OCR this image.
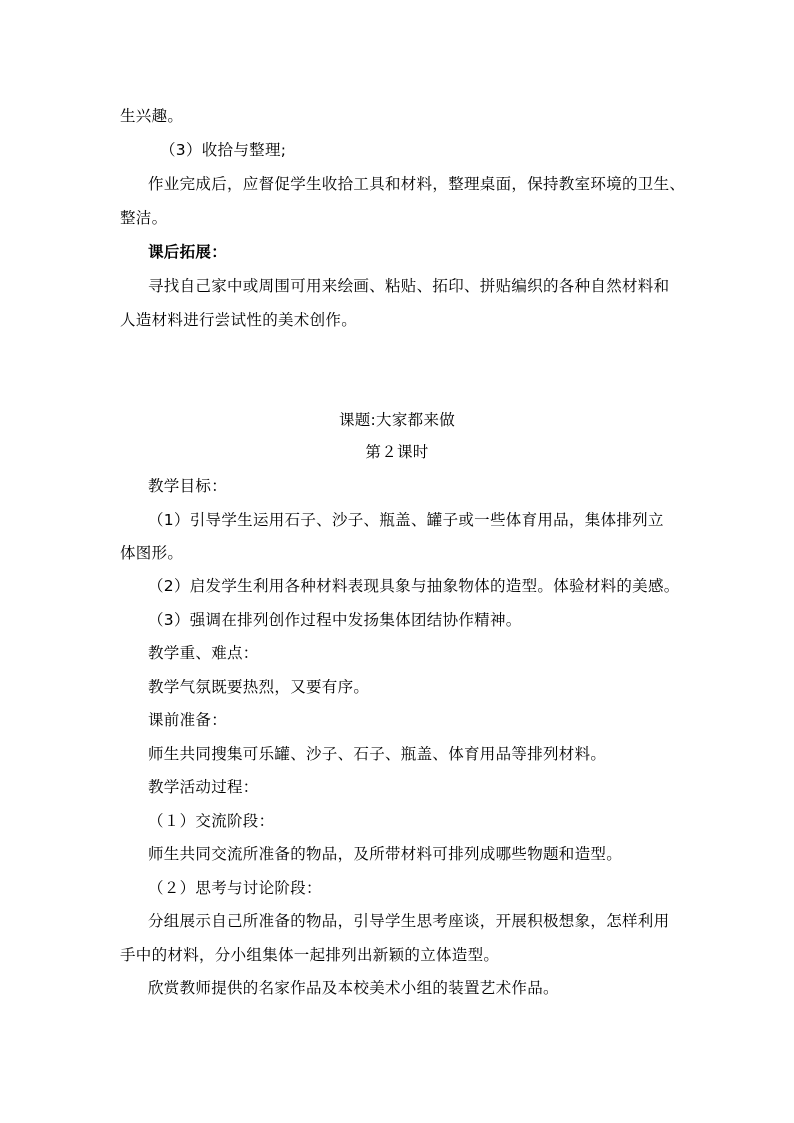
生兴趣。
（3）收拾与整理;
作业完成后，应督促学生收拾工具和材料，整理桌面，保持教室环境的卫生、
整洁。
课后拓展：
寻找自己家中或周围可用来绘画、粘贴、拓印、拼贴编织的各种自然材料和
人造材料进行尝试性的美术创作。
课题:大家都来做
第２课时
教学目标：
（1）引导学生运用石子、沙子、瓶盖、罐子或一些体育用品，集体排列立
体图形。
（2）启发学生利用各种材料表现具象与抽象物体的造型。体验材料的美感。
（3）强调在排列创作过程中发扬集体团结协作精神。
教学重、难点：
教学气氛既要热烈，又要有序。
课前准备：
师生共同搜集可乐罐、沙子、石子、瓶盖、体育用品等排列材料。
教学活动过程：
（１）交流阶段：
师生共同交流所准备的物品，及所带材料可排列成哪些物题和造型。
（２）思考与讨论阶段：
分组展示自己所准备的物品，引导学生思考座谈，开展积极想象，怎样利用
手中的材料，分小组集体一起排列出新颖的立体造型。
欣赏教师提供的名家作品及本校美术小组的装置艺术作品。
